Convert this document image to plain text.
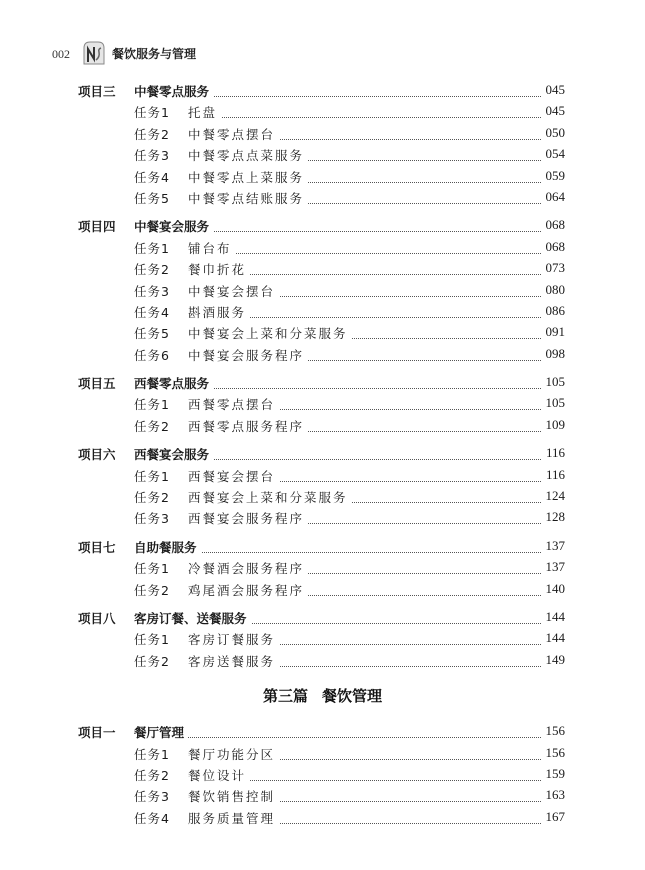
002	餐饮服务与管理
项目三 中餐零点服务	045
任务1 托盘	045
任务2 中餐零点摆台	050
任务3 中餐零点点菜服务	054
任务4 中餐零点上菜服务	059
任务5 中餐零点结账服务	064
项目四 中餐宴会服务	068
任务1 铺台布	068
任务2 餐巾折花	073
任务3 中餐宴会摆台	080
任务4 斟酒服务	086
任务5 中餐宴会上菜和分菜服务	091
任务6 中餐宴会服务程序	098
项目五 西餐零点服务	105
任务1 西餐零点摆台	105
任务2 西餐零点服务程序	109
项目六 西餐宴会服务	116
任务1 西餐宴会摆台	116
任务2 西餐宴会上菜和分菜服务	124
任务3 西餐宴会服务程序	128
项目七 自助餐服务	137
任务1 冷餐酒会服务程序	137
任务2 鸡尾酒会服务程序	140
项目八 客房订餐、送餐服务	144
任务1 客房订餐服务	144
任务2 客房送餐服务	149
第三篇 餐饮管理
项目一 餐厅管理	156
任务1 餐厅功能分区	156
任务2 餐位设计	159
任务3 餐饮销售控制	163
任务4 服务质量管理	167
